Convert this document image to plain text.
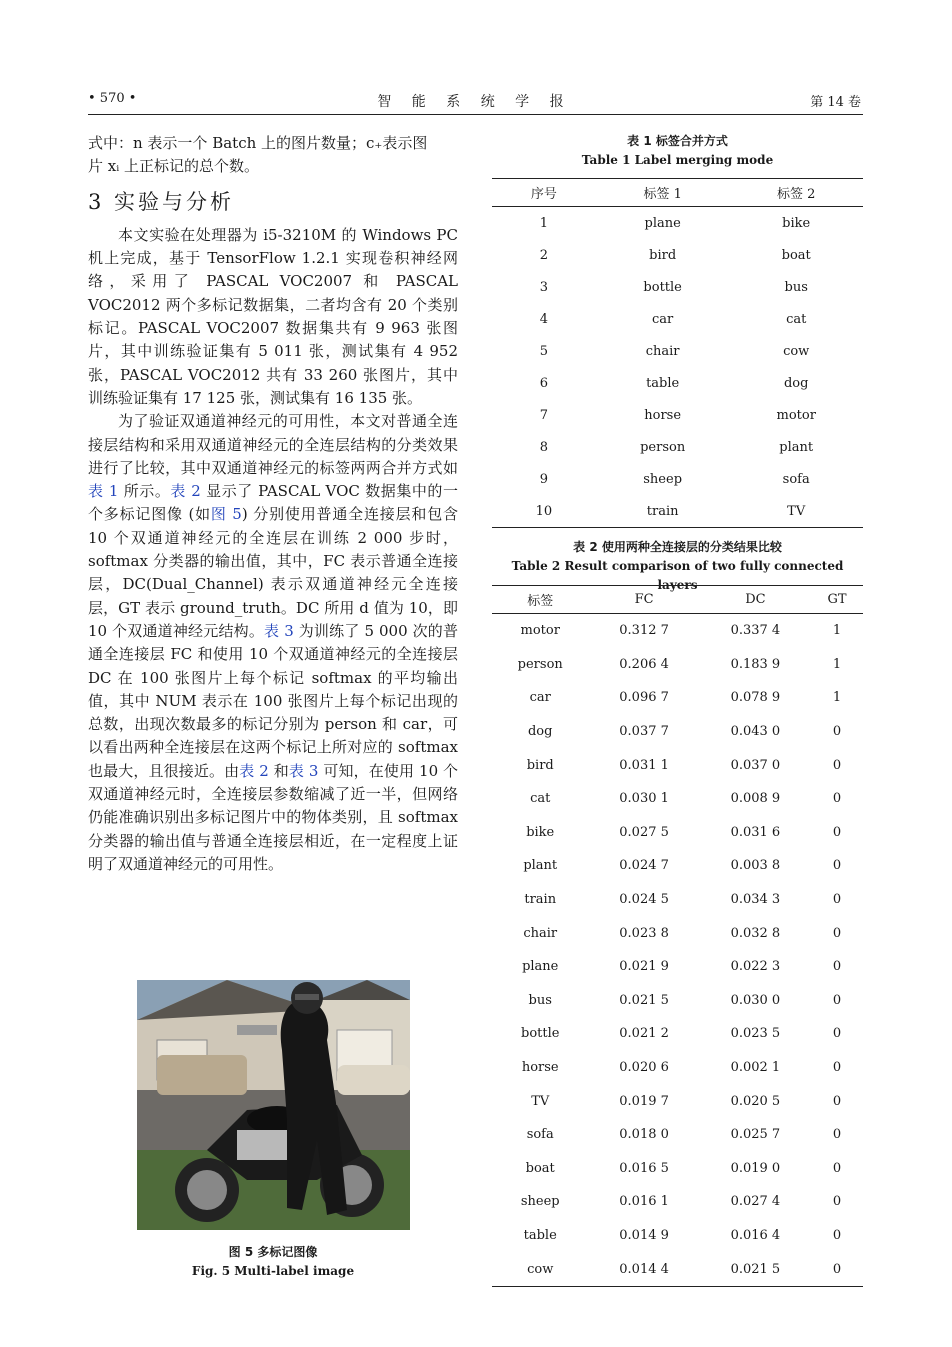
智 能 系 统 学 报
• 570 •	第 14 卷

式中：n 表示一个 Batch 上的图片数量；c₊表示图

片 xᵢ 上正标记的总个数。

3 实验与分析

本文实验在处理器为 i5-3210M 的 Windows PC 机上完成，基于 TensorFlow 1.2.1 实现卷积神经网络，采用了 PASCAL VOC2007 和 PASCAL VOC2012 两个多标记数据集，二者均含有 20 个类别标记。PASCAL VOC2007 数据集共有 9 963 张图片，其中训练验证集有 5 011 张，测试集有 4 952 张，PASCAL VOC2012 共有 33 260 张图片，其中训练验证集有 17 125 张，测试集有 16 135 张。

为了验证双通道神经元的可用性，本文对普通全连接层结构和采用双通道神经元的全连层结构的分类效果进行了比较，其中双通道神经元的标签两两合并方式如表 1 所示。表 2 显示了 PASCAL VOC 数据集中的一个多标记图像 (如图 5) 分别使用普通全连接层和包含 10 个双通道神经元的全连层在训练 2 000 步时，softmax 分类器的输出值，其中，FC 表示普通全连接层，DC(Dual_Channel) 表示双通道神经元全连接层，GT 表示 ground_truth。DC 所用 d 值为 10，即 10 个双通道神经元结构。表 3 为训练了 5 000 次的普通全连接层 FC 和使用 10 个双通道神经元的全连接层 DC 在 100 张图片上每个标记 softmax 的平均输出值，其中 NUM 表示在 100 张图片上每个标记出现的总数，出现次数最多的标记分别为 person 和 car，可以看出两种全连接层在这两个标记上所对应的 softmax 也最大，且很接近。由表 2 和表 3 可知，在使用 10 个双通道神经元时，全连接层参数缩减了近一半，但网络仍能准确识别出多标记图片中的物体类别，且 softmax 分类器的输出值与普通全连接层相近，在一定程度上证明了双通道神经元的可用性。

图 5 多标记图像
Fig. 5 Multi-label image
表 1 标签合并方式
Table 1 Label merging mode
序号	标签 1	标签 2
1	plane	bike
2	bird	boat
3	bottle	bus
4	car	cat
5	chair	cow
6	table	dog
7	horse	motor
8	person	plant
9	sheep	sofa
10	train	TV
表 2 使用两种全连接层的分类结果比较
Table 2 Result comparison of two fully connected layers
标签	FC	DC	GT
motor	0.312 7	0.337 4	1
person	0.206 4	0.183 9	1
car	0.096 7	0.078 9	1
dog	0.037 7	0.043 0	0
bird	0.031 1	0.037 0	0
cat	0.030 1	0.008 9	0
bike	0.027 5	0.031 6	0
plant	0.024 7	0.003 8	0
train	0.024 5	0.034 3	0
chair	0.023 8	0.032 8	0
plane	0.021 9	0.022 3	0
bus	0.021 5	0.030 0	0
bottle	0.021 2	0.023 5	0
horse	0.020 6	0.002 1	0
TV	0.019 7	0.020 5	0
sofa	0.018 0	0.025 7	0
boat	0.016 5	0.019 0	0
sheep	0.016 1	0.027 4	0
table	0.014 9	0.016 4	0
cow	0.014 4	0.021 5	0
